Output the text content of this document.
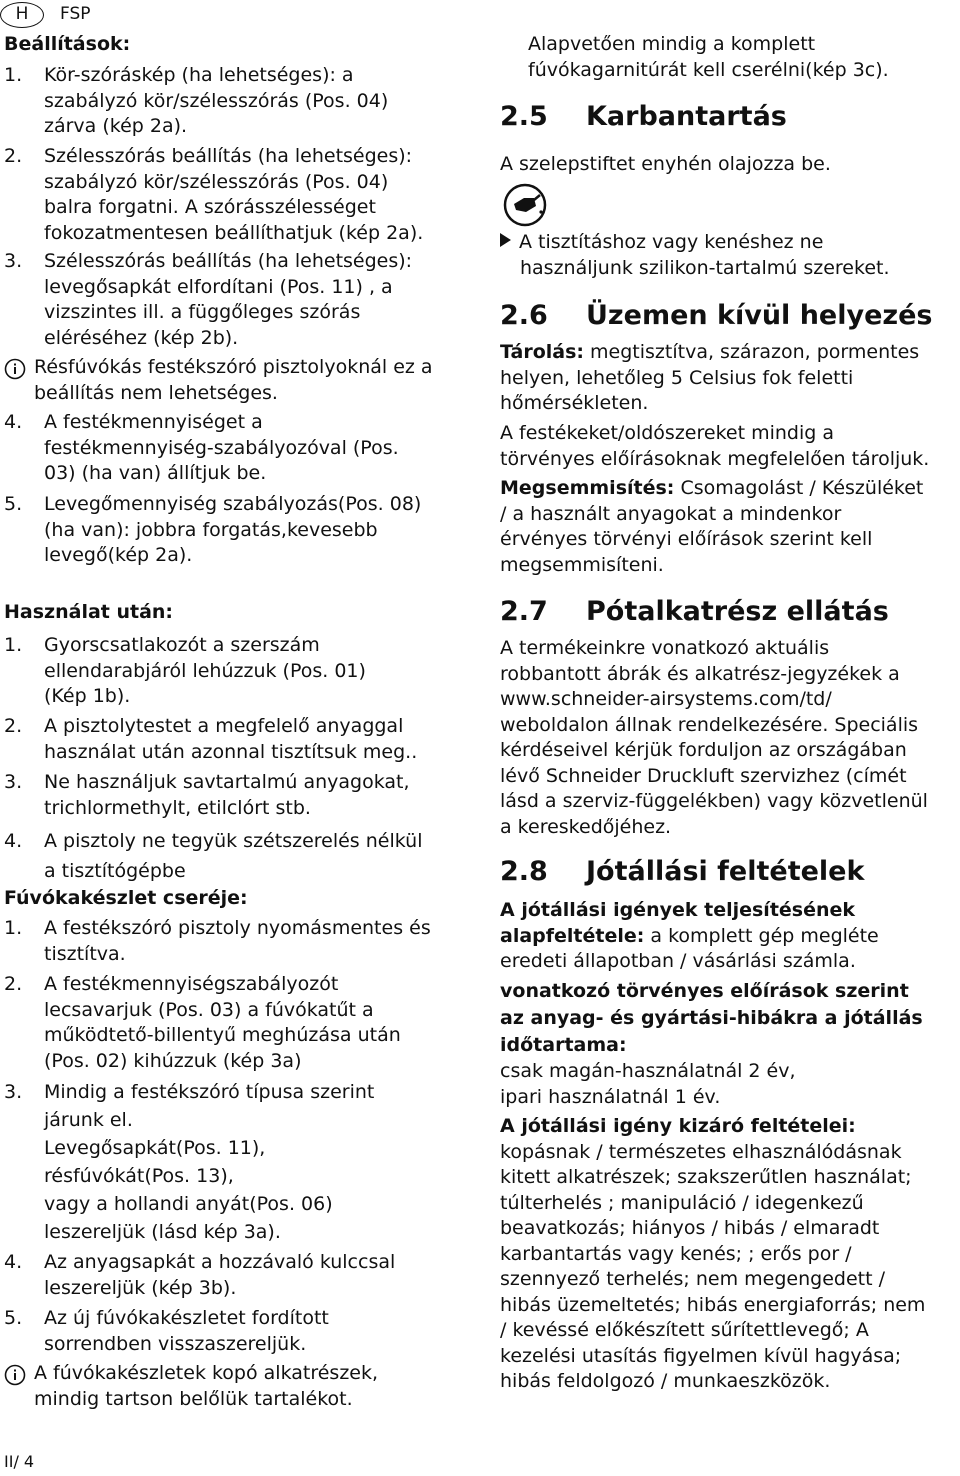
H	FSP
Beállítások:
1. Kör-szóráskép (ha lehetséges): a
szabályzó kör/szélesszórás (Pos. 04)
zárva (kép 2a).
2. Szélesszórás beállítás (ha lehetséges):
szabályzó kör/szélesszórás (Pos. 04)
balra forgatni. A szórásszélességet
fokozatmentesen beállíthatjuk (kép 2a).
3. Szélesszórás beállítás (ha lehetséges):
levegősapkát elfordítani (Pos. 11) , a
vizszintes ill. a függőleges szórás
eléréséhez (kép 2b).
Résfúvókás festékszóró pisztolyoknál ez a
beállítás nem lehetséges.
4. A festékmennyiséget a
festékmennyiség-szabályozóval (Pos.
03) (ha van) állítjuk be.
5. Levegőmennyiség szabályozás(Pos. 08)
(ha van): jobbra forgatás,kevesebb
levegő(kép 2a).
Használat után:
1. Gyorscsatlakozót a szerszám
ellendarabjáról lehúzzuk (Pos. 01)
(Kép 1b).
2. A pisztolytestet a megfelelő anyaggal
használat után azonnal tisztítsuk meg..
3. Ne használjuk savtartalmú anyagokat,
trichlormethylt, etilclórt stb.
4. A pisztoly ne tegyük szétszerelés nélkül
a tisztítógépbe
Fúvókakészlet cseréje:
1. A festékszóró pisztoly nyomásmentes és
tisztítva.
2. A festékmennyiségszabályozót
lecsavarjuk (Pos. 03) a fúvókatűt a
működtető-billentyű meghúzása után
(Pos. 02) kihúzzuk (kép 3a)
3. Mindig a festékszóró típusa szerint
járunk el.
Levegősapkát(Pos. 11),
résfúvókát(Pos. 13),
vagy a hollandi anyát(Pos. 06)
leszereljük (lásd kép 3a).
4. Az anyagsapkát a hozzávaló kulccsal
leszereljük (kép 3b).
5. Az új fúvókakészletet fordított
sorrendben visszaszereljük.
A fúvókakészletek kopó alkatrészek,
mindig tartson belőlük tartalékot.
Alapvetően mindig a komplett
fúvókagarnitúrát kell cserélni(kép 3c).
2.5 Karbantartás
A szelepstiftet enyhén olajozza be.
A tisztításhoz vagy kenéshez ne
használjunk szilikon-tartalmú szereket.
2.6 Üzemen kívül helyezés
Tárolás: megtisztítva, szárazon, pormentes
helyen, lehetőleg 5 Celsius fok feletti
hőmérsékleten.
A festékeket/oldószereket mindig a
törvényes előírásoknak megfelelően tároljuk.
Megsemmisítés: Csomagolást / Készüléket
/ a használt anyagokat a mindenkor
érvényes törvényi előírások szerint kell
megsemmisíteni.
2.7 Pótalkatrész ellátás
A termékeinkre vonatkozó aktuális
robbantott ábrák és alkatrész-jegyzékek a
www.schneider-airsystems.com/td/
weboldalon állnak rendelkezésére. Speciális
kérdéseivel kérjük forduljon az országában
lévő Schneider Druckluft szervizhez (címét
lásd a szerviz-függelékben) vagy közvetlenül
a kereskedőjéhez.
2.8 Jótállási feltételek
A jótállási igények teljesítésének
alapfeltétele: a komplett gép megléte
eredeti állapotban / vásárlási számla.
vonatkozó törvényes előírások szerint
az anyag- és gyártási-hibákra a jótállás
időtartama:
csak magán-használatnál 2 év,
ipari használatnál 1 év.
A jótállási igény kizáró feltételei:
kopásnak / természetes elhasználódásnak
kitett alkatrészek; szakszerűtlen használat;
túlterhelés ; manipuláció / idegenkezű
beavatkozás; hiányos / hibás / elmaradt
karbantartás vagy kenés; ; erős por /
szennyező terhelés; nem megengedett /
hibás üzemeltetés; hibás energiaforrás; nem
/ kevéssé előkészített sűrítettlevegő; A
kezelési utasítás figyelmen kívül hagyása;
hibás feldolgozó / munkaeszközök.
II/ 4
